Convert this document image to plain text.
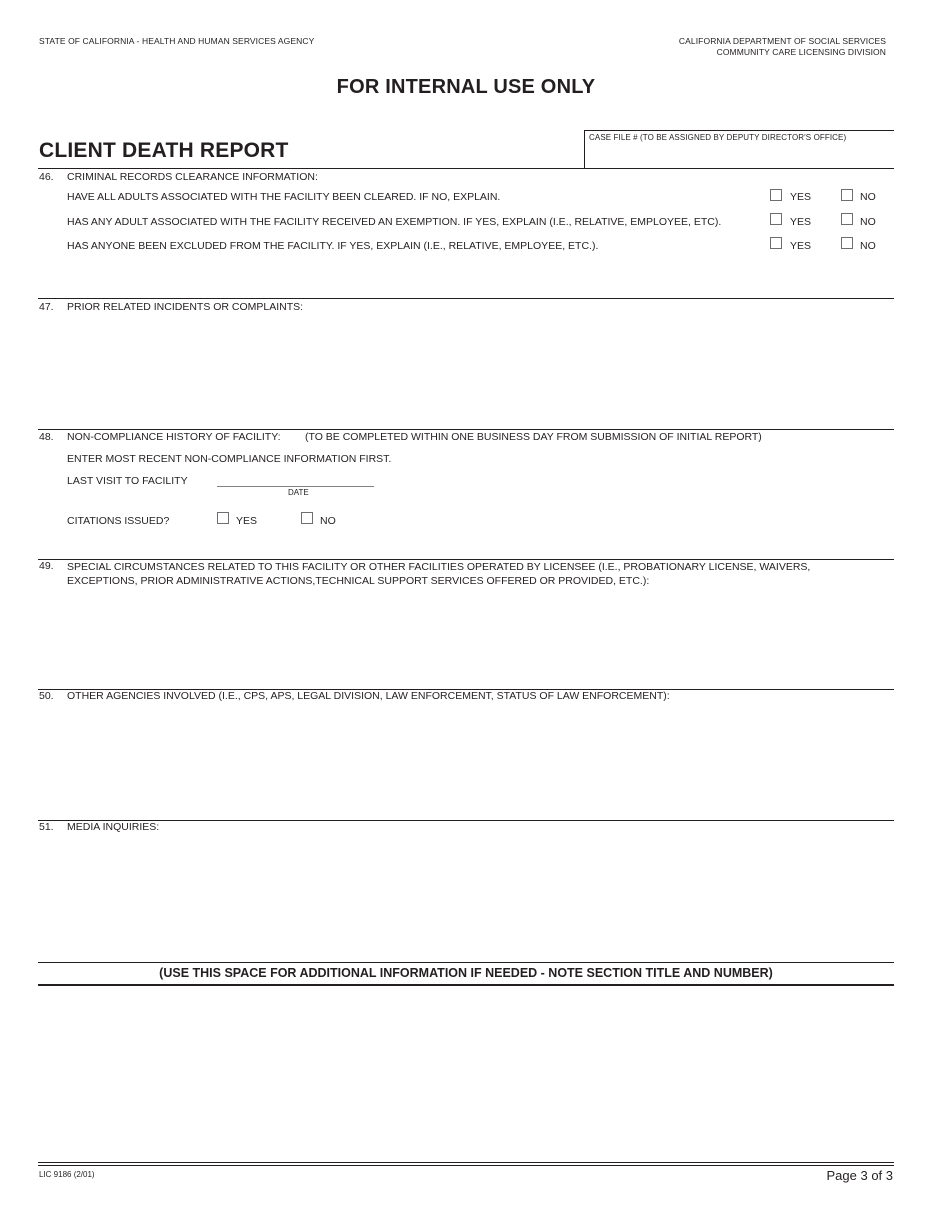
STATE OF CALIFORNIA - HEALTH AND HUMAN SERVICES AGENCY	CALIFORNIA DEPARTMENT OF SOCIAL SERVICES
COMMUNITY CARE LICENSING DIVISION
FOR INTERNAL USE ONLY
CLIENT DEATH REPORT
CASE FILE # (TO BE ASSIGNED BY DEPUTY DIRECTOR'S OFFICE)
46. CRIMINAL RECORDS CLEARANCE INFORMATION:
HAVE ALL ADULTS ASSOCIATED WITH THE FACILITY BEEN CLEARED. IF NO, EXPLAIN.	YES	NO
HAS ANY ADULT ASSOCIATED WITH THE FACILITY RECEIVED AN EXEMPTION. IF YES, EXPLAIN (I.E., RELATIVE, EMPLOYEE, ETC).	YES	NO
HAS ANYONE BEEN EXCLUDED FROM THE FACILITY. IF YES, EXPLAIN (I.E., RELATIVE, EMPLOYEE, ETC.).	YES	NO
47. PRIOR RELATED INCIDENTS OR COMPLAINTS:
48. NON-COMPLIANCE HISTORY OF FACILITY: (TO BE COMPLETED WITHIN ONE BUSINESS DAY FROM SUBMISSION OF INITIAL REPORT)
ENTER MOST RECENT NON-COMPLIANCE INFORMATION FIRST.
LAST VISIT TO FACILITY
DATE
CITATIONS ISSUED?	YES	NO
49. SPECIAL CIRCUMSTANCES RELATED TO THIS FACILITY OR OTHER FACILITIES OPERATED BY LICENSEE (I.E., PROBATIONARY LICENSE, WAIVERS,
EXCEPTIONS, PRIOR ADMINISTRATIVE ACTIONS,TECHNICAL SUPPORT SERVICES OFFERED OR PROVIDED, ETC.):
50. OTHER AGENCIES INVOLVED (I.E., CPS, APS, LEGAL DIVISION, LAW ENFORCEMENT, STATUS OF LAW ENFORCEMENT):
51. MEDIA INQUIRIES:
(USE THIS SPACE FOR ADDITIONAL INFORMATION IF NEEDED - NOTE SECTION TITLE AND NUMBER)
LIC 9186 (2/01)	Page 3 of 3
